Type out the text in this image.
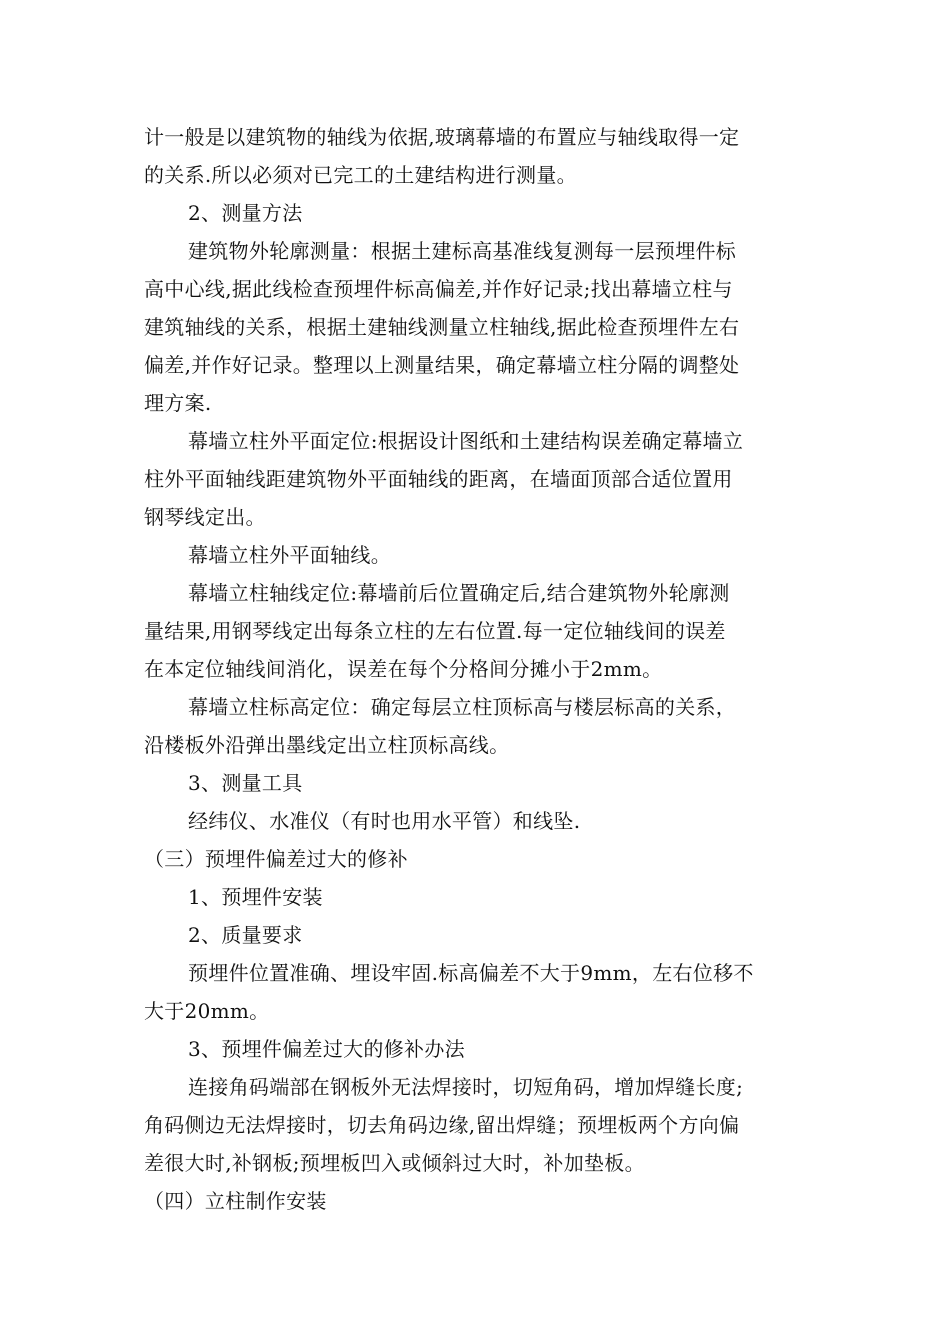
计一般是以建筑物的轴线为依据,玻璃幕墙的布置应与轴线取得一定
的关系.所以必须对已完工的土建结构进行测量。
2、测量方法
建筑物外轮廓测量：根据土建标高基准线复测每一层预埋件标
高中心线,据此线检查预埋件标高偏差,并作好记录;找出幕墙立柱与
建筑轴线的关系，根据土建轴线测量立柱轴线,据此检查预埋件左右
偏差,并作好记录。整理以上测量结果，确定幕墙立柱分隔的调整处
理方案.
幕墙立柱外平面定位:根据设计图纸和土建结构误差确定幕墙立
柱外平面轴线距建筑物外平面轴线的距离，在墙面顶部合适位置用
钢琴线定出。
幕墙立柱外平面轴线。
幕墙立柱轴线定位:幕墙前后位置确定后,结合建筑物外轮廓测
量结果,用钢琴线定出每条立柱的左右位置.每一定位轴线间的误差
在本定位轴线间消化，误差在每个分格间分摊小于2mm。
幕墙立柱标高定位：确定每层立柱顶标高与楼层标高的关系，
沿楼板外沿弹出墨线定出立柱顶标高线。
3、测量工具
经纬仪、水准仪（有时也用水平管）和线坠.
（三）预埋件偏差过大的修补
1、预埋件安装
2、质量要求
预埋件位置准确、埋设牢固.标高偏差不大于9mm，左右位移不
大于20mm。
3、预埋件偏差过大的修补办法
连接角码端部在钢板外无法焊接时，切短角码，增加焊缝长度;
角码侧边无法焊接时，切去角码边缘,留出焊缝；预埋板两个方向偏
差很大时,补钢板;预埋板凹入或倾斜过大时，补加垫板。
（四）立柱制作安装
